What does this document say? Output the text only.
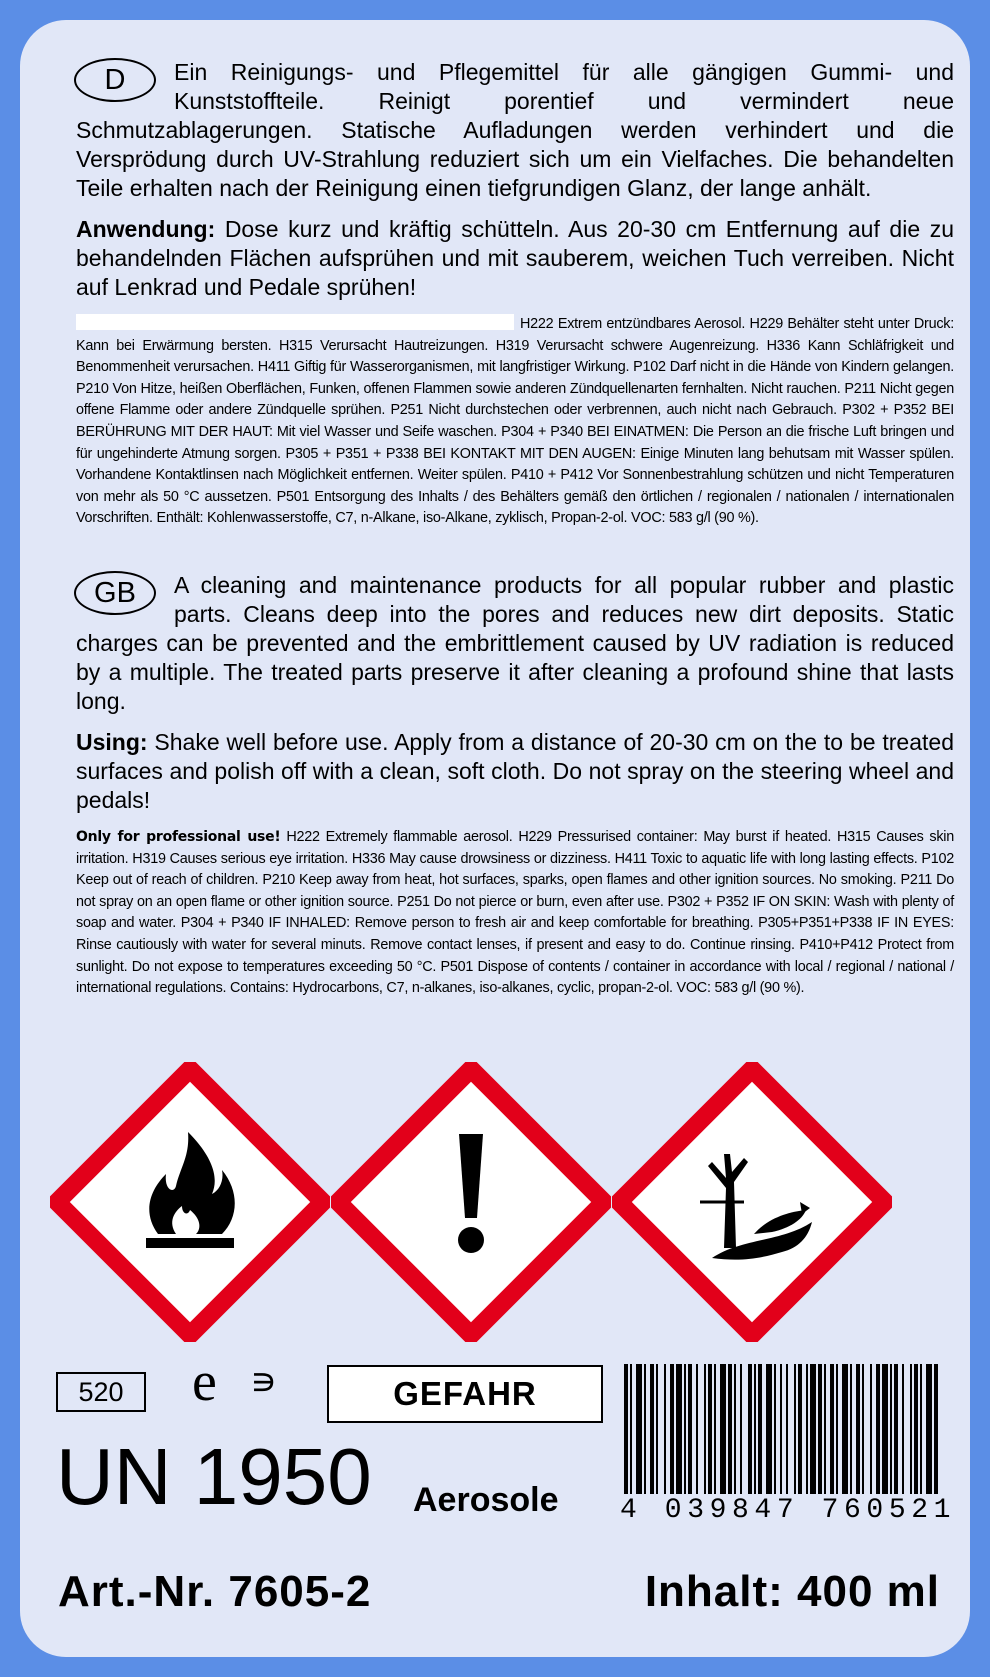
D	Ein Reinigungs- und Pflegemittel für alle gängigen Gummi- und Kunststoffteile. Reinigt porentief und vermindert neue Schmutzablagerungen. Statische Aufladungen werden verhindert und die Versprödung durch UV-Strahlung reduziert sich um ein Vielfaches. Die behandelten Teile erhalten nach der Reinigung einen tiefgrundigen Glanz, der lange anhält.

Anwendung: Dose kurz und kräftig schütteln. Aus 20-30 cm Entfernung auf die zu behandelnden Flächen aufsprühen und mit sauberem, weichen Tuch verreiben. Nicht auf Lenkrad und Pedale sprühen!

H222 Extrem entzündbares Aerosol. H229 Behälter steht unter Druck: Kann bei Erwärmung bersten. H315 Verursacht Hautreizungen. H319 Verursacht schwere Augenreizung. H336 Kann Schläfrigkeit und Benommenheit verursachen. H411 Giftig für Wasserorganismen, mit langfristiger Wirkung. P102 Darf nicht in die Hände von Kindern gelangen. P210 Von Hitze, heißen Oberflächen, Funken, offenen Flammen sowie anderen Zündquellenarten fernhalten. Nicht rauchen. P211 Nicht gegen offene Flamme oder andere Zündquelle sprühen. P251 Nicht durchstechen oder verbrennen, auch nicht nach Gebrauch. P302 + P352 BEI BERÜHRUNG MIT DER HAUT: Mit viel Wasser und Seife waschen. P304 + P340 BEI EINATMEN: Die Person an die frische Luft bringen und für ungehinderte Atmung sorgen. P305 + P351 + P338 BEI KONTAKT MIT DEN AUGEN: Einige Minuten lang behutsam mit Wasser spülen. Vorhandene Kontaktlinsen nach Möglichkeit entfernen. Weiter spülen. P410 + P412 Vor Sonnenbestrahlung schützen und nicht Temperaturen von mehr als 50 °C aussetzen. P501 Entsorgung des Inhalts / des Behälters gemäß den örtlichen / regionalen / nationalen / internationalen Vorschriften. Enthält: Kohlenwasserstoffe, C7, n-Alkane, iso-Alkane, zyklisch, Propan-2-ol. VOC: 583 g/l (90 %).

GB	A cleaning and maintenance products for all popular rubber and plastic parts. Cleans deep into the pores and reduces new dirt deposits. Static charges can be prevented and the embrittlement caused by UV radiation is reduced by a multiple. The treated parts preserve it after cleaning a profound shine that lasts long.

Using: Shake well before use. Apply from a distance of 20-30 cm on the to be treated surfaces and polish off with a clean, soft cloth. Do not spray on the steering wheel and pedals!

Only for professional use! H222 Extremely flammable aerosol. H229 Pressurised container: May burst if heated. H315 Causes skin irritation. H319 Causes serious eye irritation. H336 May cause drowsiness or dizziness. H411 Toxic to aquatic life with long lasting effects. P102 Keep out of reach of children. P210 Keep away from heat, hot surfaces, sparks, open flames and other ignition sources. No smoking. P211 Do not spray on an open flame or other ignition source. P251 Do not pierce or burn, even after use. P302 + P352 IF ON SKIN: Wash with plenty of soap and water. P304 + P340 IF INHALED: Remove person to fresh air and keep comfortable for breathing. P305+P351+P338 IF IN EYES: Rinse cautiously with water for several minuts. Remove contact lenses, if present and easy to do. Continue rinsing. P410+P412 Protect from sunlight. Do not expose to temperatures exceeding 50 °C. P501 Dispose of contents / container in accordance with local / regional / national / international regulations. Contains: Hydrocarbons, C7, n-alkanes, iso-alkanes, cyclic, propan-2-ol. VOC: 583 g/l (90 %).

520	e ∍	GEFAHR
UN 1950 Aerosole 4 039847 760521
Art.-Nr. 7605-2	Inhalt: 400 ml
